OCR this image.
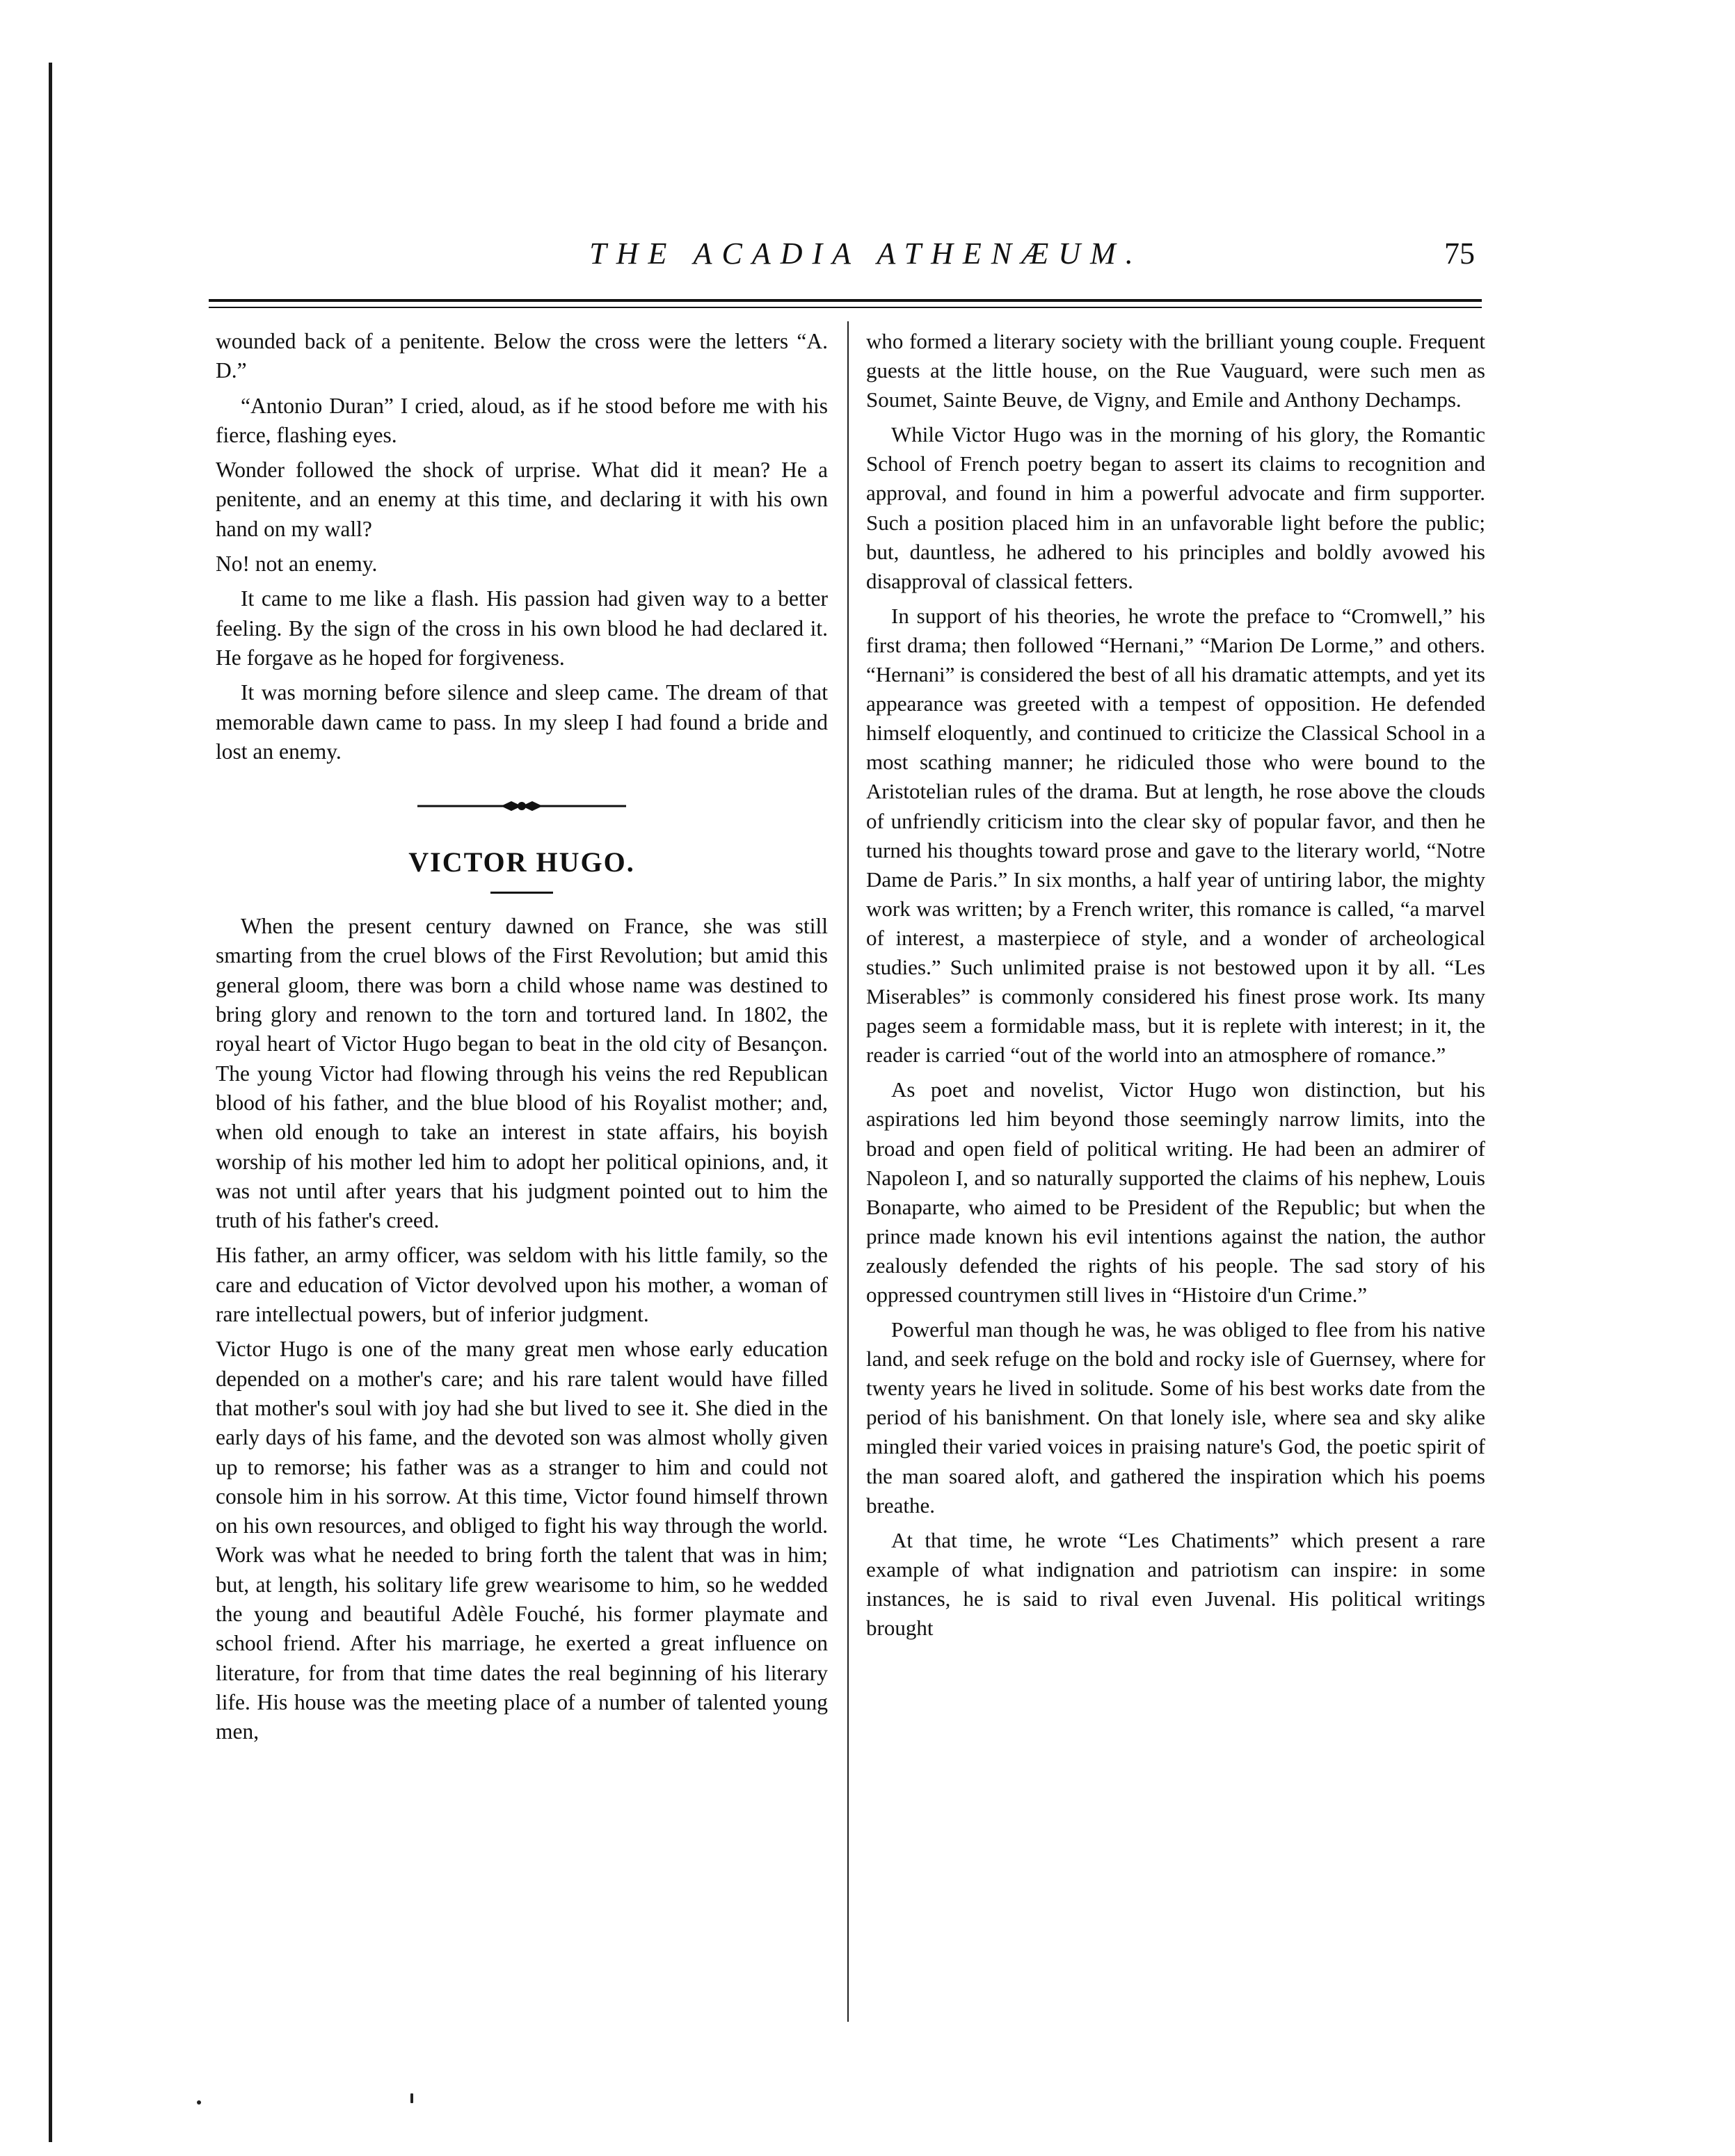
THE ACADIA ATHENÆUM.	75

wounded back of a penitente. Below the cross were the letters “A. D.”

“Antonio Duran” I cried, aloud, as if he stood before me with his fierce, flashing eyes.

Wonder followed the shock of urprise. What did it mean? He a penitente, and an enemy at this time, and declaring it with his own hand on my wall?

No! not an enemy.

It came to me like a flash. His passion had given way to a better feeling. By the sign of the cross in his own blood he had declared it. He forgave as he hoped for forgiveness.

It was morning before silence and sleep came. The dream of that memorable dawn came to pass. In my sleep I had found a bride and lost an enemy.

VICTOR HUGO.

When the present century dawned on France, she was still smarting from the cruel blows of the First Revolution; but amid this general gloom, there was born a child whose name was destined to bring glory and renown to the torn and tortured land. In 1802, the royal heart of Victor Hugo began to beat in the old city of Besançon. The young Victor had flowing through his veins the red Republican blood of his father, and the blue blood of his Royalist mother; and, when old enough to take an interest in state affairs, his boyish worship of his mother led him to adopt her political opinions, and, it was not until after years that his judgment pointed out to him the truth of his father's creed.

His father, an army officer, was seldom with his little family, so the care and education of Victor devolved upon his mother, a woman of rare intellectual powers, but of inferior judgment.

Victor Hugo is one of the many great men whose early education depended on a mother's care; and his rare talent would have filled that mother's soul with joy had she but lived to see it. She died in the early days of his fame, and the devoted son was almost wholly given up to remorse; his father was as a stranger to him and could not console him in his sorrow. At this time, Victor found himself thrown on his own resources, and obliged to fight his way through the world. Work was what he needed to bring forth the talent that was in him; but, at length, his solitary life grew wearisome to him, so he wedded the young and beautiful Adèle Fouché, his former playmate and school friend. After his marriage, he exerted a great influence on literature, for from that time dates the real beginning of his literary life. His house was the meeting place of a number of talented young men,

who formed a literary society with the brilliant young couple. Frequent guests at the little house, on the Rue Vauguard, were such men as Soumet, Sainte Beuve, de Vigny, and Emile and Anthony Dechamps.

While Victor Hugo was in the morning of his glory, the Romantic School of French poetry began to assert its claims to recognition and approval, and found in him a powerful advocate and firm supporter. Such a position placed him in an unfavorable light before the public; but, dauntless, he adhered to his principles and boldly avowed his disapproval of classical fetters.

In support of his theories, he wrote the preface to “Cromwell,” his first drama; then followed “Hernani,” “Marion De Lorme,” and others. “Hernani” is considered the best of all his dramatic attempts, and yet its appearance was greeted with a tempest of opposition. He defended himself eloquently, and continued to criticize the Classical School in a most scathing manner; he ridiculed those who were bound to the Aristotelian rules of the drama. But at length, he rose above the clouds of unfriendly criticism into the clear sky of popular favor, and then he turned his thoughts toward prose and gave to the literary world, “Notre Dame de Paris.” In six months, a half year of untiring labor, the mighty work was written; by a French writer, this romance is called, “a marvel of interest, a masterpiece of style, and a wonder of archeological studies.” Such unlimited praise is not bestowed upon it by all. “Les Miserables” is commonly considered his finest prose work. Its many pages seem a formidable mass, but it is replete with interest; in it, the reader is carried “out of the world into an atmosphere of romance.”

As poet and novelist, Victor Hugo won distinction, but his aspirations led him beyond those seemingly narrow limits, into the broad and open field of political writing. He had been an admirer of Napoleon I, and so naturally supported the claims of his nephew, Louis Bonaparte, who aimed to be President of the Republic; but when the prince made known his evil intentions against the nation, the author zealously defended the rights of his people. The sad story of his oppressed countrymen still lives in “Histoire d'un Crime.”

Powerful man though he was, he was obliged to flee from his native land, and seek refuge on the bold and rocky isle of Guernsey, where for twenty years he lived in solitude. Some of his best works date from the period of his banishment. On that lonely isle, where sea and sky alike mingled their varied voices in praising nature's God, the poetic spirit of the man soared aloft, and gathered the inspiration which his poems breathe.

At that time, he wrote “Les Chatiments” which present a rare example of what indignation and patriotism can inspire: in some instances, he is said to rival even Juvenal. His political writings brought
